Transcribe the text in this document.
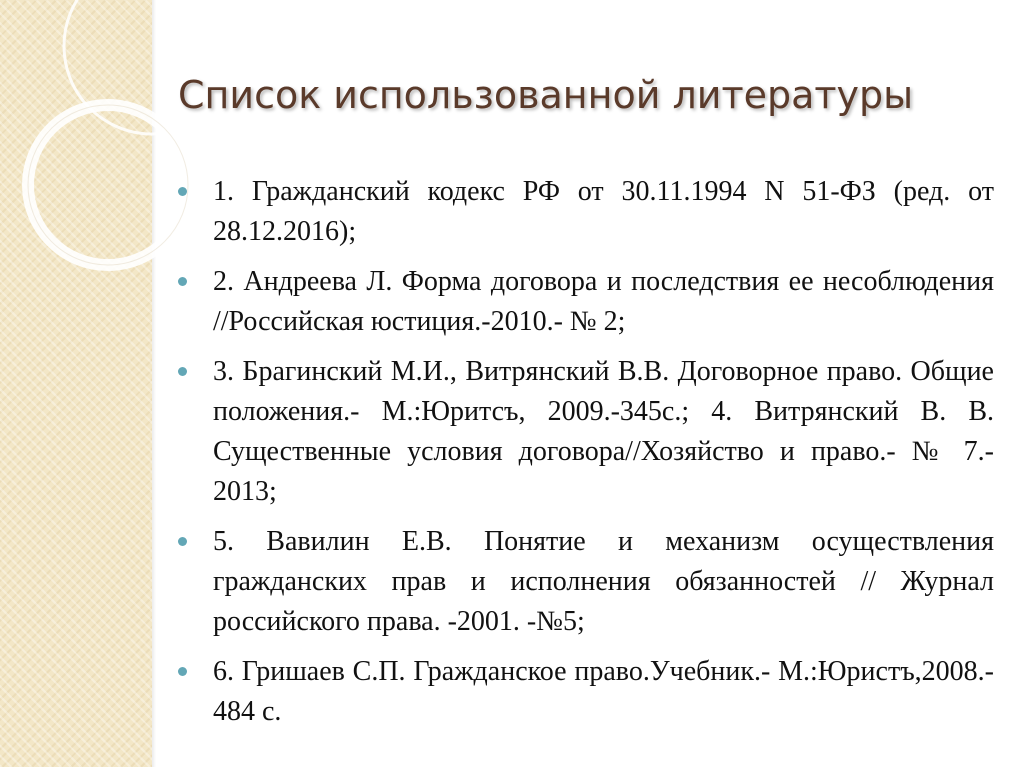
Список использованной литературы
1. Гражданский кодекс РФ от 30.11.1994 N 51-ФЗ (ред. от 28.12.2016);
2. Андреева Л. Форма договора и последствия ее несоблюдения //Российская юстиция.-2010.- № 2;
3. Брагинский М.И., Витрянский В.В. Договорное право. Общие положения.- М.:Юритсъ, 2009.-345с.; 4. Витрянский В. В. Существенные условия договора//Хозяйство и право.- № 7.- 2013;
5. Вавилин Е.В. Понятие и механизм осуществления гражданских прав и исполнения обязанностей // Журнал российского права. -2001. -№5;
6. Гришаев С.П. Гражданское право.Учебник.- М.:Юристъ,2008.- 484 с.
